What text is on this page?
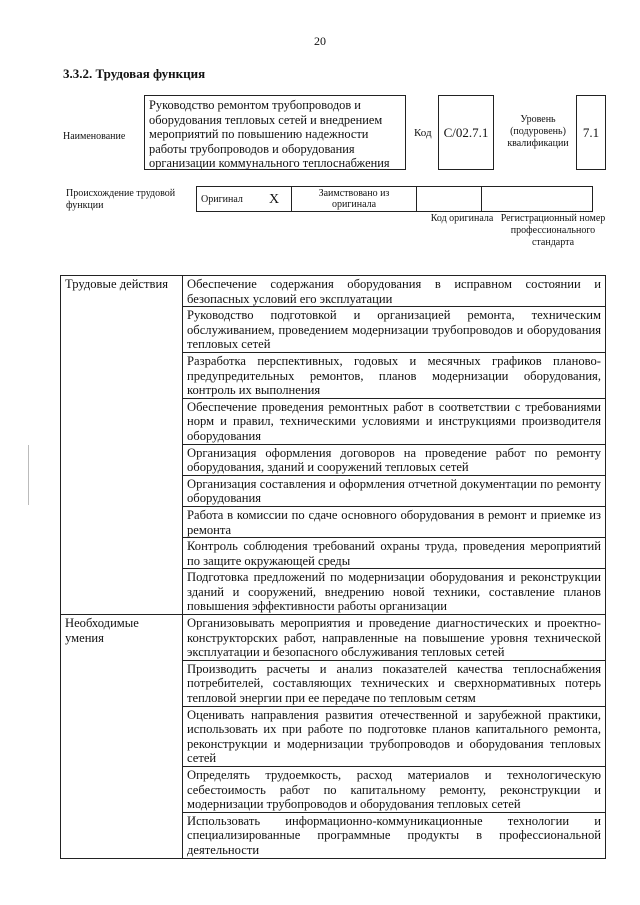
20
3.3.2. Трудовая функция
Наименование
Руководство ремонтом трубопроводов и оборудования тепловых сетей и внедрением мероприятий по повышению надежности работы трубопроводов и оборудования организации коммунального теплоснабжения
Код C/02.7.1
Уровень (подуровень) квалификации
7.1
Происхождение трудовой функции
Оригинал	X	Заимствовано из оригинала		
Код оригинала Регистрационный номер профессионального стандарта
Трудовые действия	Обеспечение содержания оборудования в исправном состоянии и безопасных условий его эксплуатации
	Руководство подготовкой и организацией ремонта, техническим обслуживанием, проведением модернизации трубопроводов и оборудования тепловых сетей
	Разработка перспективных, годовых и месячных графиков планово-предупредительных ремонтов, планов модернизации оборудования, контроль их выполнения
	Обеспечение проведения ремонтных работ в соответствии с требованиями норм и правил, техническими условиями и инструкциями производителя оборудования
	Организация оформления договоров на проведение работ по ремонту оборудования, зданий и сооружений тепловых сетей
	Организация составления и оформления отчетной документации по ремонту оборудования
	Работа в комиссии по сдаче основного оборудования в ремонт и приемке из ремонта
	Контроль соблюдения требований охраны труда, проведения мероприятий по защите окружающей среды
	Подготовка предложений по модернизации оборудования и реконструкции зданий и сооружений, внедрению новой техники, составление планов повышения эффективности работы организации
Необходимые умения	Организовывать мероприятия и проведение диагностических и проектно-конструкторских работ, направленные на повышение уровня технической эксплуатации и безопасного обслуживания тепловых сетей
	Производить расчеты и анализ показателей качества теплоснабжения потребителей, составляющих технических и сверхнормативных потерь тепловой энергии при ее передаче по тепловым сетям
	Оценивать направления развития отечественной и зарубежной практики, использовать их при работе по подготовке планов капитального ремонта, реконструкции и модернизации трубопроводов и оборудования тепловых сетей
	Определять трудоемкость, расход материалов и технологическую себестоимость работ по капитальному ремонту, реконструкции и модернизации трубопроводов и оборудования тепловых сетей
	Использовать информационно-коммуникационные технологии и специализированные программные продукты в профессиональной деятельности
